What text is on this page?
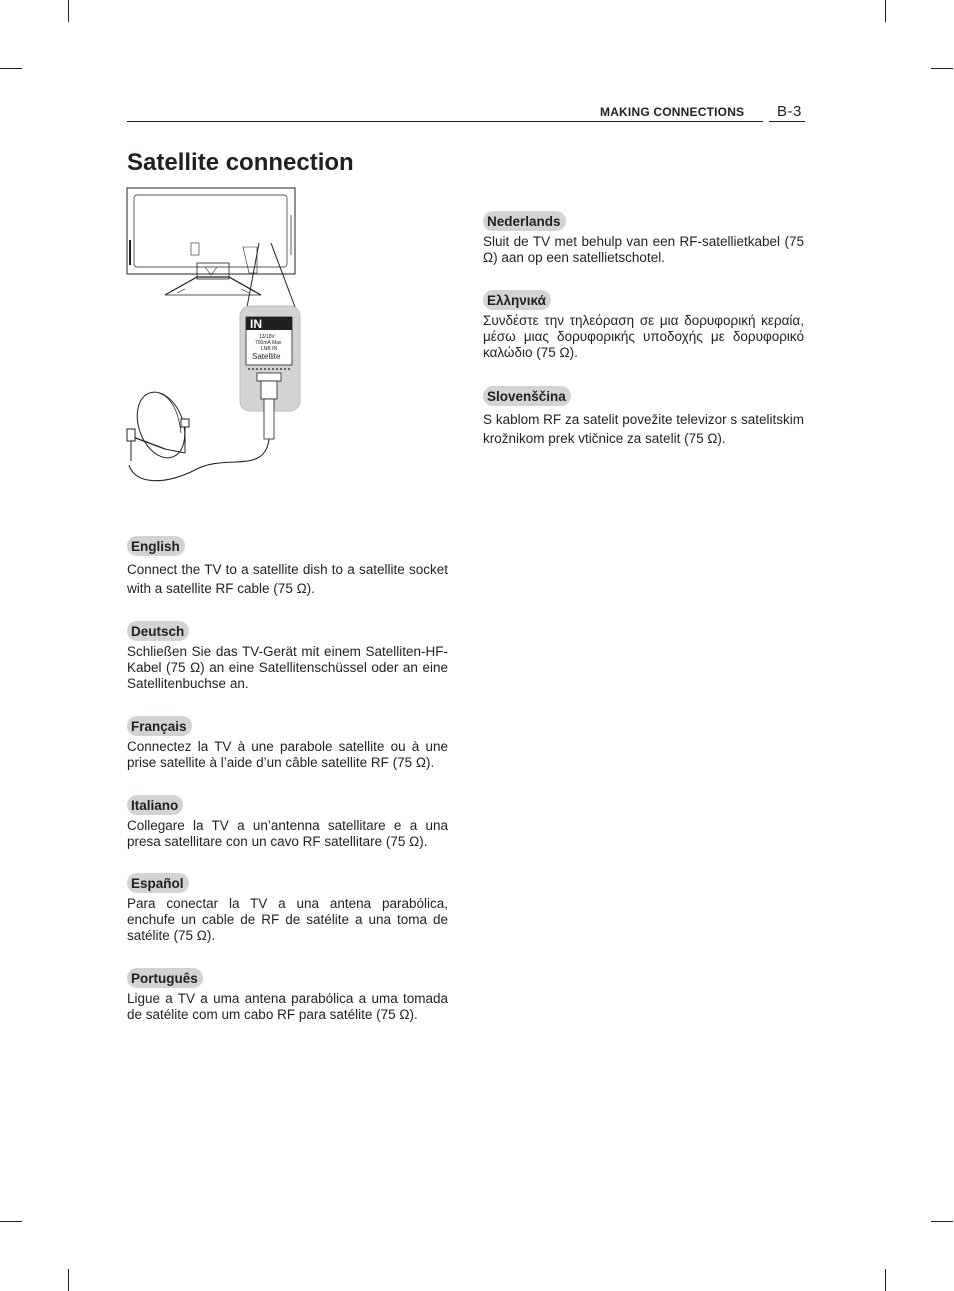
MAKING CONNECTIONS B-3
Satellite connection
IN
13/18V
700mA Max
LNB IN
Satellite
English

Connect the TV to a satellite dish to a satellite socket with a satellite RF cable (75 Ω).

Deutsch

Schließen Sie das TV-Gerät mit einem Satelliten-HF-Kabel (75 Ω) an eine Satellitenschüssel oder an eine Satellitenbuchse an.

Français

Connectez la TV à une parabole satellite ou à une prise satellite à l’aide d’un câble satellite RF (75 Ω).

Italiano

Collegare la TV a un’antenna satellitare e a una presa satellitare con un cavo RF satellitare (75 Ω).

Español

Para conectar la TV a una antena parabólica, enchufe un cable de RF de satélite a una toma de satélite (75 Ω).

Português

Ligue a TV a uma antena parabólica a uma tomada de satélite com um cabo RF para satélite (75 Ω).

Nederlands

Sluit de TV met behulp van een RF-satellietkabel (75 Ω) aan op een satellietschotel.

Ελληνικά

Συνδέστε την τηλεόραση σε μια δορυφορική κεραία, μέσω μιας δορυφορικής υποδοχής με δορυφορικό καλώδιο (75 Ω).

Slovenščina

S kablom RF za satelit povežite televizor s satelitskim krožnikom prek vtičnice za satelit (75 Ω).
